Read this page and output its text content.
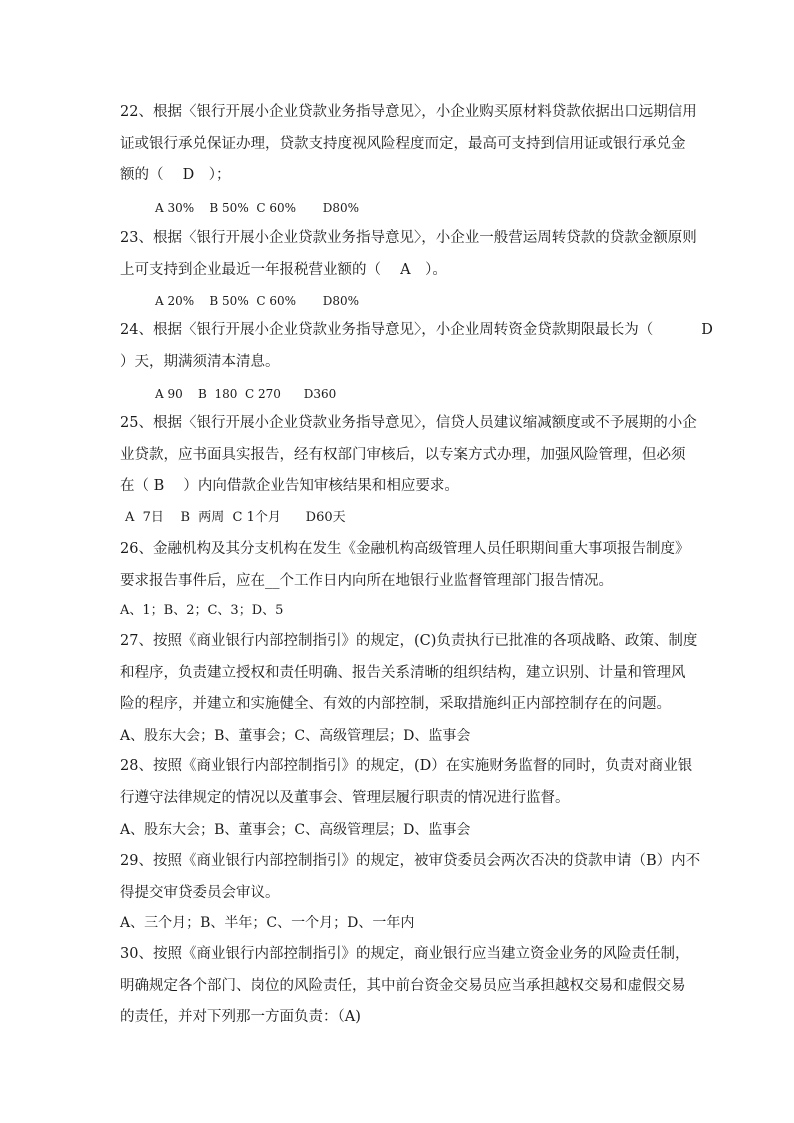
22、根据〈银行开展小企业贷款业务指导意见〉，小企业购买原材料贷款依据出口远期信用
证或银行承兑保证办理，贷款支持度视风险程度而定，最高可支持到信用证或银行承兑金
额的（　 D　）；
A 30%    B 50%  C 60%       D80%
23、根据〈银行开展小企业贷款业务指导意见〉，小企业一般营运周转贷款的贷款金额原则
上可支持到企业最近一年报税营业额的（　 A　）。
A 20%    B 50%  C 60%       D80%
24、根据〈银行开展小企业贷款业务指导意见〉，小企业周转资金贷款期限最长为（　　　 D
）天，期满须清本清息。
A 90    B  180  C 270      D360
25、根据〈银行开展小企业贷款业务指导意见〉，信贷人员建议缩减额度或不予展期的小企
业贷款，应书面具实报告，经有权部门审核后，以专案方式办理，加强风险管理，但必须
在（ B　 ）内向借款企业告知审核结果和相应要求。
A  7日    B  两周  C 1个月      D60天
26、金融机构及其分支机构在发生《金融机构高级管理人员任职期间重大事项报告制度》
要求报告事件后，应在__个工作日内向所在地银行业监督管理部门报告情况。
A、1；B、2；C、3；D、5
27、按照《商业银行内部控制指引》的规定，(C)负责执行已批准的各项战略、政策、制度
和程序，负责建立授权和责任明确、报告关系清晰的组织结构，建立识别、计量和管理风
险的程序，并建立和实施健全、有效的内部控制，采取措施纠正内部控制存在的问题。
A、股东大会；B、董事会；C、高级管理层；D、监事会
28、按照《商业银行内部控制指引》的规定，(D）在实施财务监督的同时，负责对商业银
行遵守法律规定的情况以及董事会、管理层履行职责的情况进行监督。
A、股东大会；B、董事会；C、高级管理层；D、监事会
29、按照《商业银行内部控制指引》的规定，被审贷委员会两次否决的贷款申请（B）内不
得提交审贷委员会审议。
A、三个月；B、半年；C、一个月；D、一年内
30、按照《商业银行内部控制指引》的规定，商业银行应当建立资金业务的风险责任制，
明确规定各个部门、岗位的风险责任，其中前台资金交易员应当承担越权交易和虚假交易
的责任，并对下列那一方面负责：（A)
